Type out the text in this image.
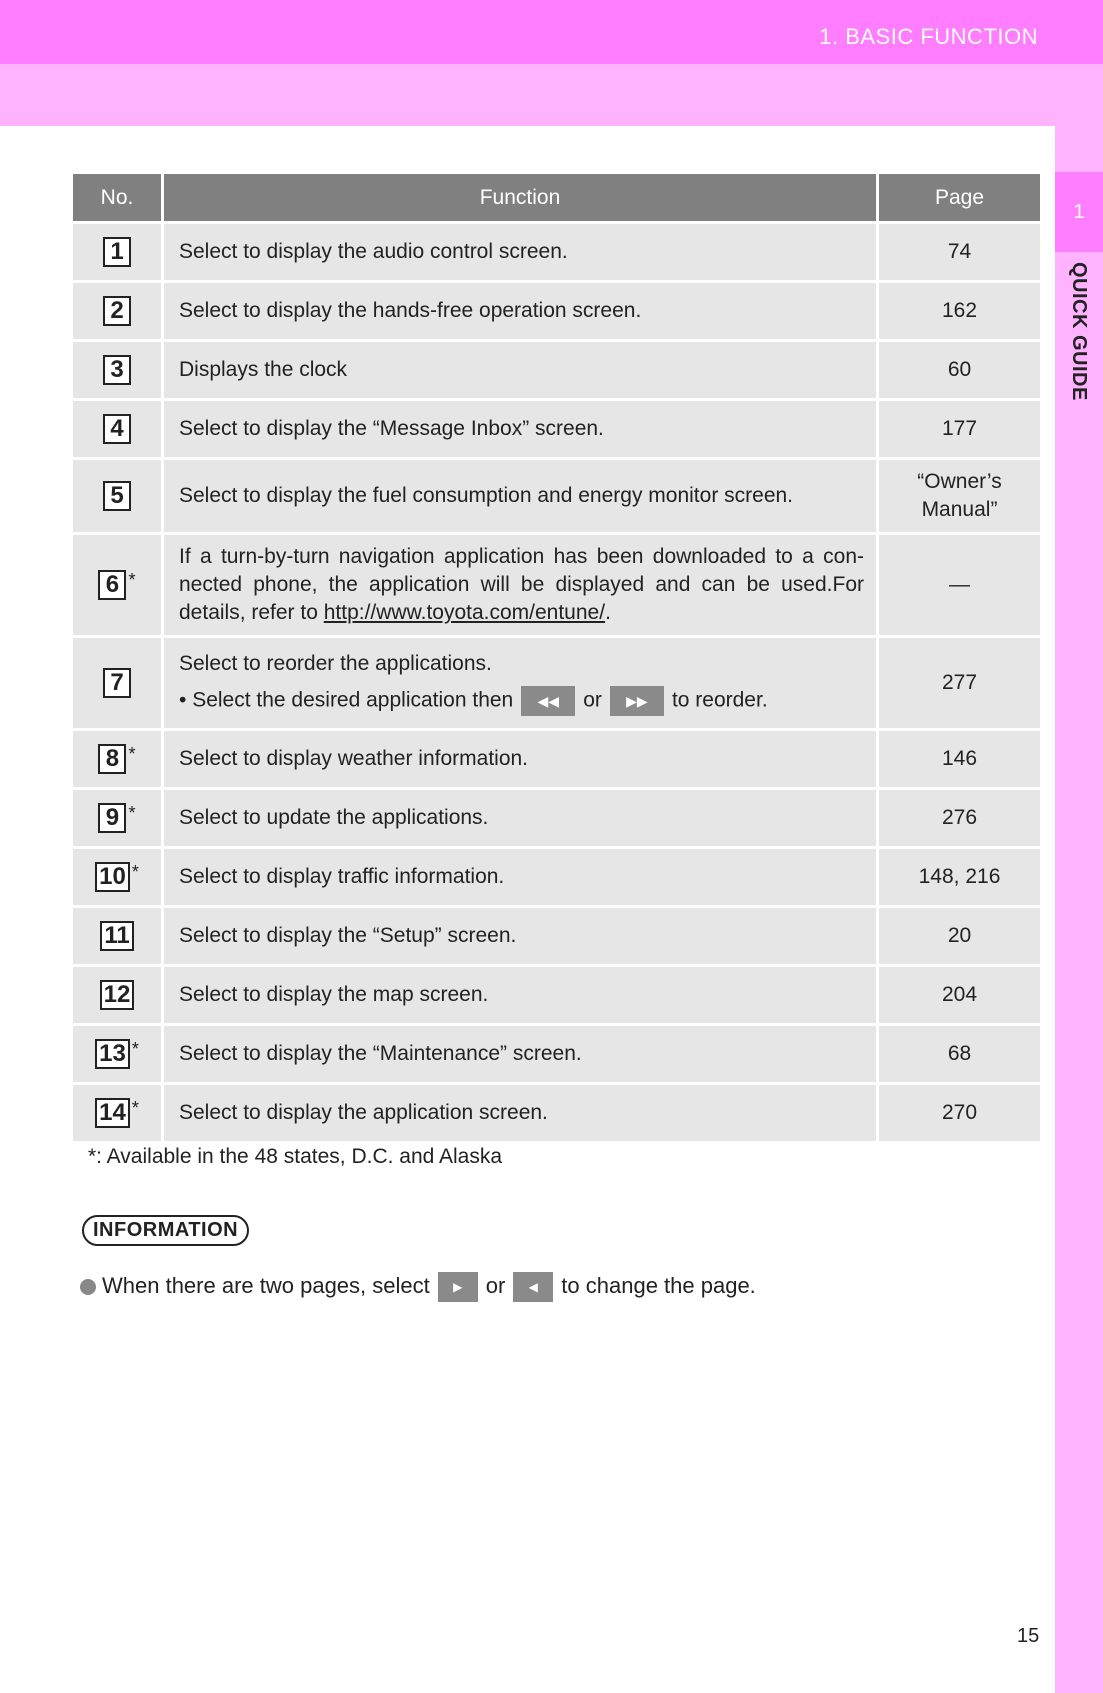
1. BASIC FUNCTION
1
QUICK GUIDE
No.	Function	Page
1	Select to display the audio control screen.	74
2	Select to display the hands-free operation screen.	162
3	Displays the clock	60
4	Select to display the “Message Inbox” screen.	177
5	Select to display the fuel consumption and energy monitor screen.	“Owner’s
Manual”

6 *	If a turn-by-turn navigation application has been downloaded to a con-nected phone, the application will be displayed and can be used.For details, refer to http://www.toyota.com/entune/.	—
7	Select to reorder the applications.
• Select the desired application then ◀◀ or ▶▶ to reorder.	277
8 *	Select to display weather information.	146
9 *	Select to update the applications.	276
10 *	Select to display traffic information.	148, 216
11	Select to display the “Setup” screen.	20
12	Select to display the map screen.	204
13 *	Select to display the “Maintenance” screen.	68
14 *	Select to display the application screen.	270
*: Available in the 48 states, D.C. and Alaska
INFORMATION
When there are two pages, select ▶ or ◀ to change the page.
15
